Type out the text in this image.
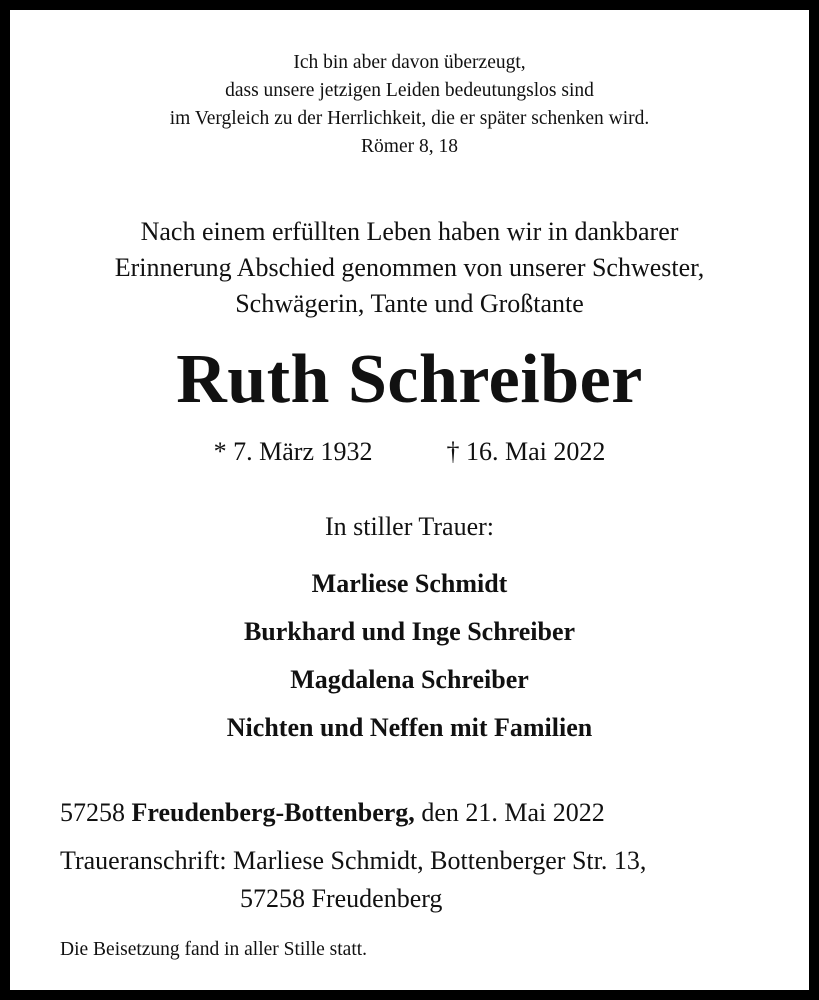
Ich bin aber davon überzeugt,
dass unsere jetzigen Leiden bedeutungslos sind
im Vergleich zu der Herrlichkeit, die er später schenken wird.
Römer 8, 18
Nach einem erfüllten Leben haben wir in dankbarer
Erinnerung Abschied genommen von unserer Schwester,
Schwägerin, Tante und Großtante
Ruth Schreiber
* 7. März 1932	† 16. Mai 2022
In stiller Trauer:
Marliese Schmidt
Burkhard und Inge Schreiber
Magdalena Schreiber
Nichten und Neffen mit Familien
57258 Freudenberg-Bottenberg, den 21. Mai 2022
Traueranschrift: Marliese Schmidt, Bottenberger Str. 13,
57258 Freudenberg
Die Beisetzung fand in aller Stille statt.
